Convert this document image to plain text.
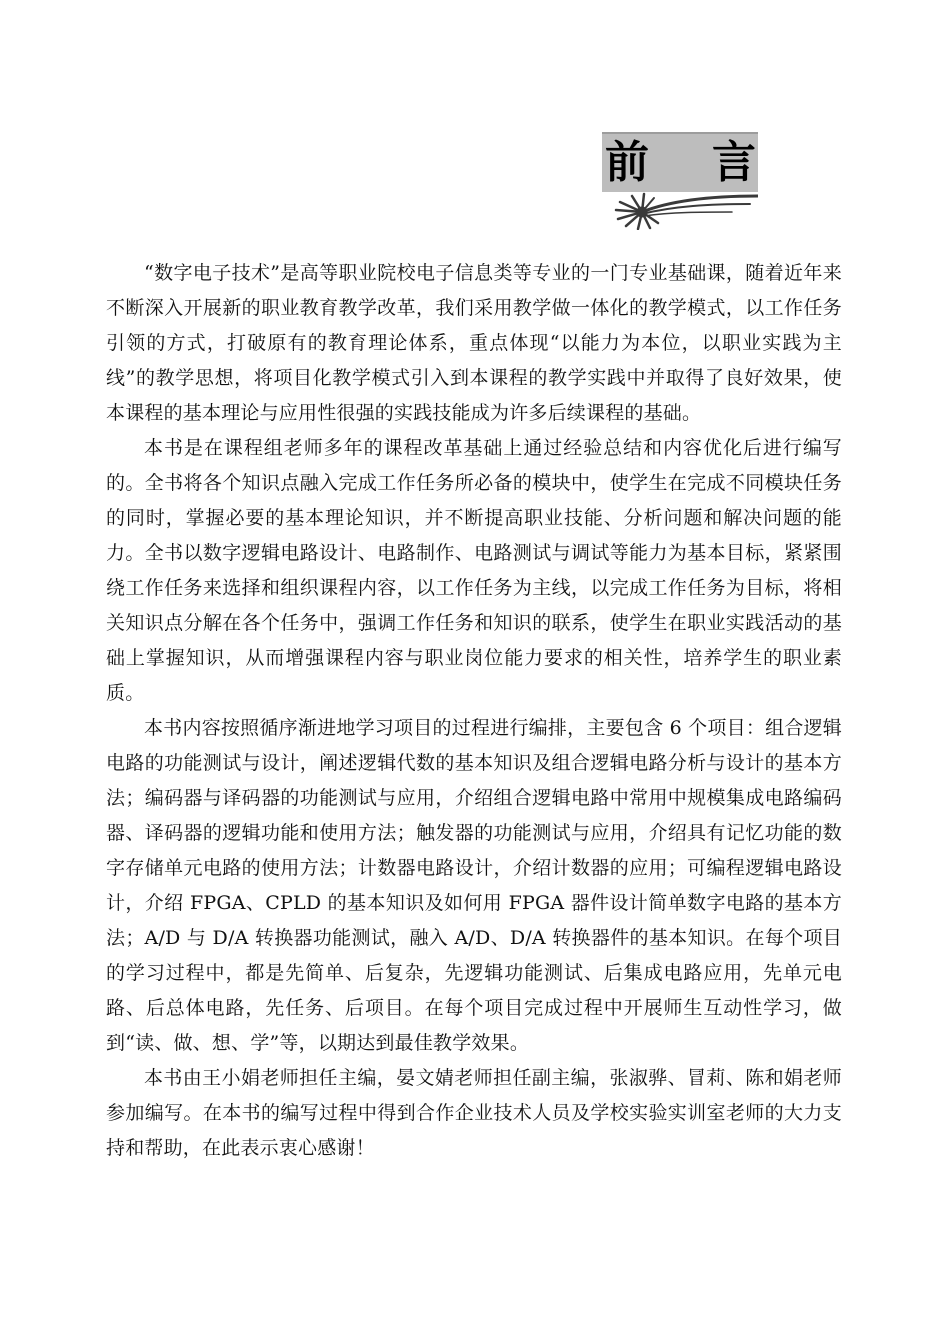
前 言

“数字电子技术”是高等职业院校电子信息类等专业的一门专业基础课，随着近年来不断深入开展新的职业教育教学改革，我们采用教学做一体化的教学模式，以工作任务引领的方式，打破原有的教育理论体系，重点体现“以能力为本位，以职业实践为主线”的教学思想，将项目化教学模式引入到本课程的教学实践中并取得了良好效果，使本课程的基本理论与应用性很强的实践技能成为许多后续课程的基础。

本书是在课程组老师多年的课程改革基础上通过经验总结和内容优化后进行编写的。全书将各个知识点融入完成工作任务所必备的模块中，使学生在完成不同模块任务的同时，掌握必要的基本理论知识，并不断提高职业技能、分析问题和解决问题的能力。全书以数字逻辑电路设计、电路制作、电路测试与调试等能力为基本目标，紧紧围绕工作任务来选择和组织课程内容，以工作任务为主线，以完成工作任务为目标，将相关知识点分解在各个任务中，强调工作任务和知识的联系，使学生在职业实践活动的基础上掌握知识，从而增强课程内容与职业岗位能力要求的相关性，培养学生的职业素质。

本书内容按照循序渐进地学习项目的过程进行编排，主要包含 6 个项目：组合逻辑电路的功能测试与设计，阐述逻辑代数的基本知识及组合逻辑电路分析与设计的基本方法；编码器与译码器的功能测试与应用，介绍组合逻辑电路中常用中规模集成电路编码器、译码器的逻辑功能和使用方法；触发器的功能测试与应用，介绍具有记忆功能的数字存储单元电路的使用方法；计数器电路设计，介绍计数器的应用；可编程逻辑电路设计，介绍 FPGA、CPLD 的基本知识及如何用 FPGA 器件设计简单数字电路的基本方法；A/D 与 D/A 转换器功能测试，融入 A/D、D/A 转换器件的基本知识。在每个项目的学习过程中，都是先简单、后复杂，先逻辑功能测试、后集成电路应用，先单元电路、后总体电路，先任务、后项目。在每个项目完成过程中开展师生互动性学习，做到“读、做、想、学”等，以期达到最佳教学效果。

本书由王小娟老师担任主编，晏文婧老师担任副主编，张淑骅、冒莉、陈和娟老师参加编写。在本书的编写过程中得到合作企业技术人员及学校实验实训室老师的大力支持和帮助，在此表示衷心感谢！
